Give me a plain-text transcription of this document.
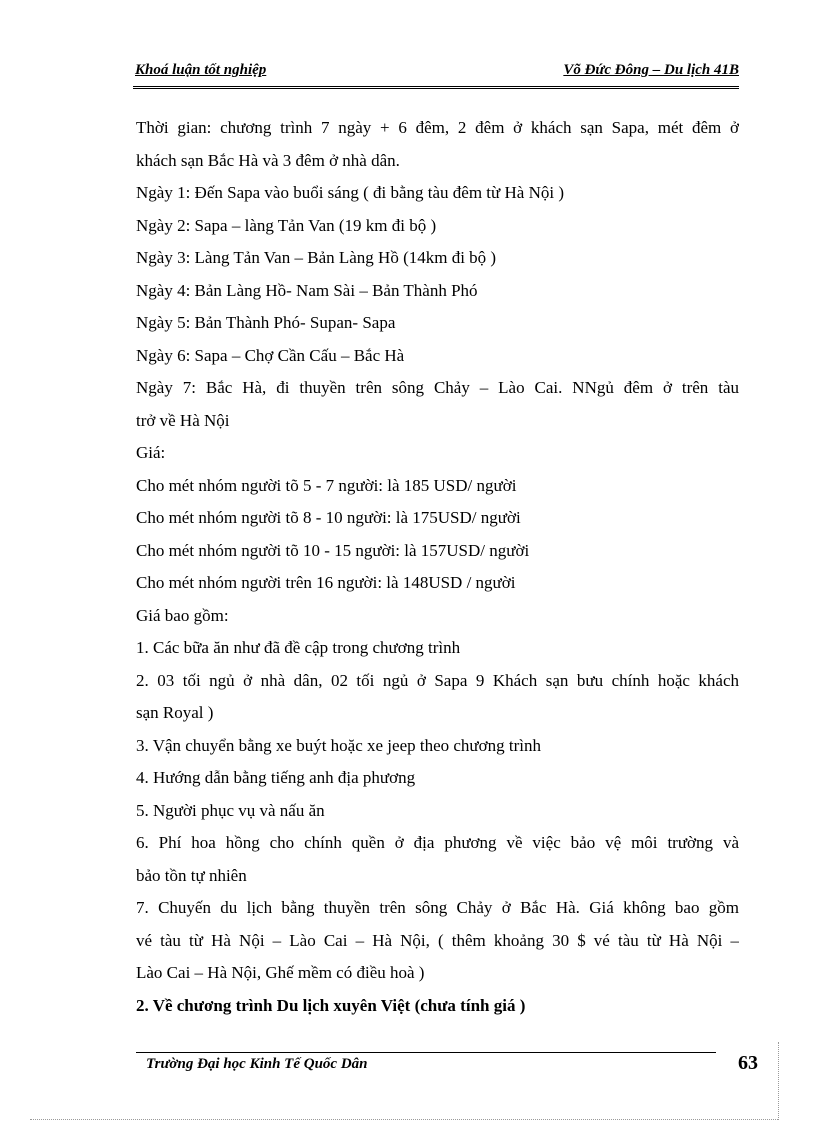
Khoá luận tốt nghiệp	Võ Đức Đông – Du lịch 41B
Thời gian: chương trình 7 ngày + 6 đêm, 2 đêm ở khách sạn Sapa, mét đêm ở
khách sạn Bắc Hà và 3 đêm ở nhà dân.
Ngày 1: Đến Sapa vào buổi sáng ( đi bằng tàu đêm từ Hà Nội )
Ngày 2: Sapa – làng Tản Van (19 km đi bộ )
Ngày 3: Làng Tản Van – Bản Làng Hồ (14km đi bộ )
Ngày 4: Bản Làng Hồ- Nam Sài – Bản Thành Phó
Ngày 5: Bản Thành Phó- Supan- Sapa
Ngày 6: Sapa – Chợ Cần Cấu – Bắc Hà
Ngày 7: Bắc Hà, đi thuyền trên sông Chảy – Lào Cai. NNgủ đêm ở trên tàu
trở về Hà Nội
Giá:
Cho mét nhóm người tõ 5 - 7 người: là 185 USD/ người
Cho mét nhóm người tõ 8 - 10 người: là 175USD/ người
Cho mét nhóm người tõ 10 - 15 người: là 157USD/ người
Cho mét nhóm người trên 16 người: là 148USD / người
Giá bao gồm:
1. Các bữa ăn như đã đề cập trong chương trình
2. 03 tối ngủ ở nhà dân, 02 tối ngủ ở Sapa 9 Khách sạn bưu chính hoặc khách
sạn Royal )
3. Vận chuyển bằng xe buýt hoặc xe jeep theo chương trình
4. Hướng dẫn bằng tiếng anh địa phương
5. Người phục vụ và nấu ăn
6. Phí hoa hồng cho chính quền ở địa phương về việc bảo vệ môi trường và
bảo tồn tự nhiên
7. Chuyến du lịch bằng thuyền trên sông Chảy ở Bắc Hà. Giá không bao gồm
vé tàu từ Hà Nội – Lào Cai – Hà Nội, ( thêm khoảng 30 $ vé tàu từ Hà Nội –
Lào Cai – Hà Nội, Ghế mềm có điều hoà )
2. Về chương trình Du lịch xuyên Việt (chưa tính giá )
Trường Đại học Kinh Tế Quốc Dân	63
